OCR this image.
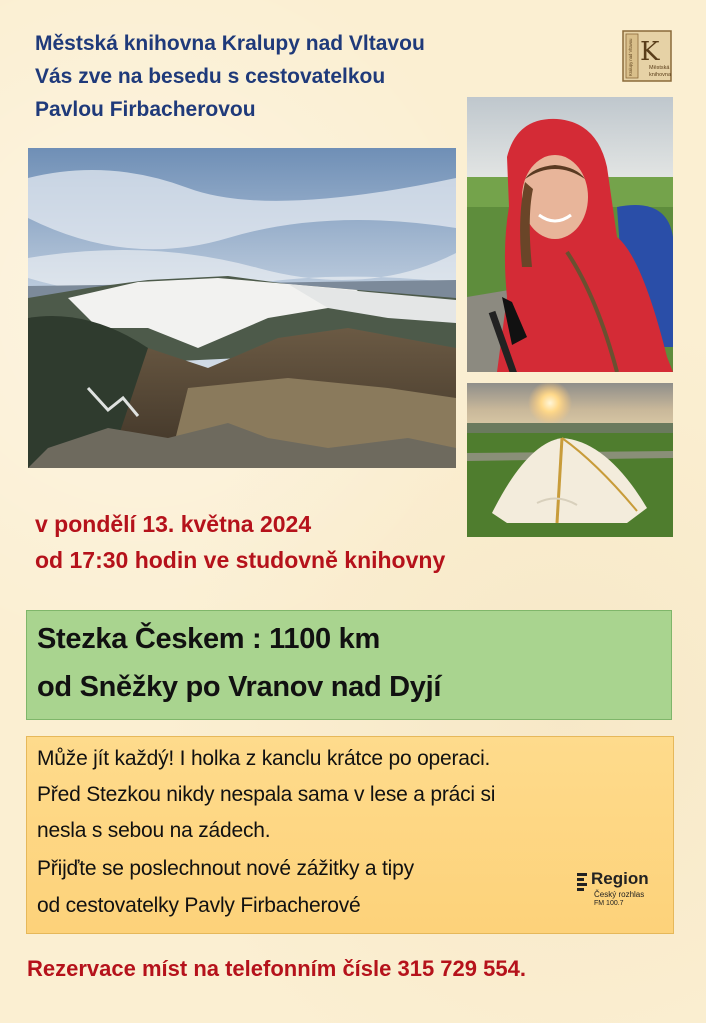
Městská knihovna Kralupy nad Vltavou
Vás zve na besedu s cestovatelkou
Pavlou Firbacherovou
K
Kralupy nad Vltavou	Městská
knihovna
v pondělí 13. května 2024
od 17:30 hodin ve studovně knihovny
Stezka Českem : 1100 km
od Sněžky po Vranov nad Dyjí
Může jít každý! I holka z kanclu krátce po operaci.
Před Stezkou nikdy nespala sama v lese a práci si
nesla s sebou na zádech.
Přijďte se poslechnout nové zážitky a tipy
od cestovatelky Pavly Firbacherové
Region
Český rozhlas
FM 100.7
Rezervace míst na telefonním čísle 315 729 554.
